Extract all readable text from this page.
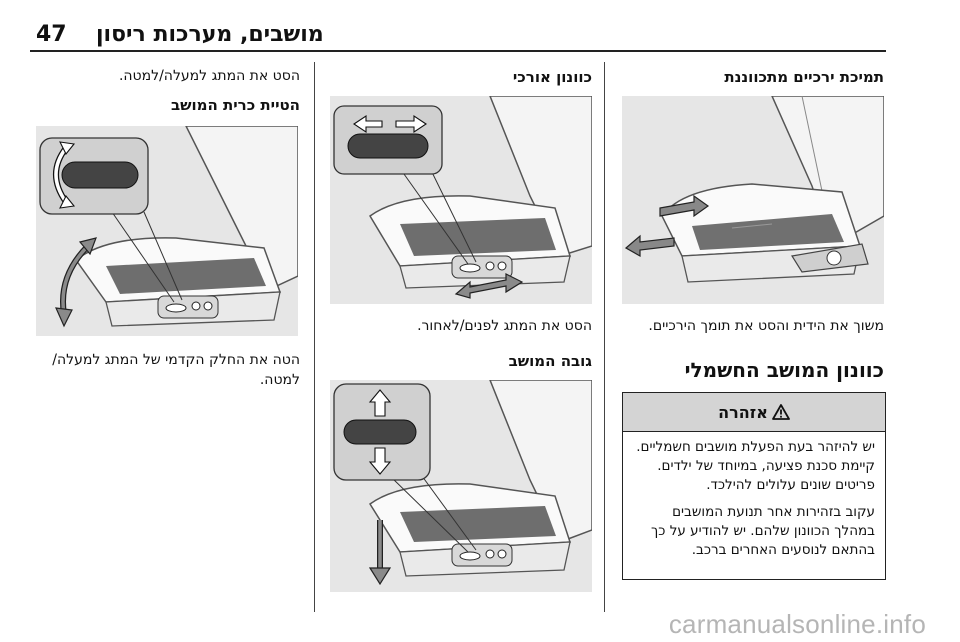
47 מושבים, מערכות ריסון
תמיכת ירכיים מתכווננת
משוך את הידית והסט את תומך הירכיים.
כוונון המושב החשמלי
אזהרה

יש להיזהר בעת הפעלת מושבים חשמליים. קיימת סכנת פציעה, במיוחד של ילדים. פריטים שונים עלולים להילכד.

עקוב בזהירות אחר תנועת המושבים במהלך הכוונון שלהם. יש להודיע על כך בהתאם לנוסעים האחרים ברכב.

כוונון אורכי
הסט את המתג לפנים/לאחור.
גובה המושב
הסט את המתג למעלה/למטה.
הטיית כרית המושב
הטה את החלק הקדמי של המתג למעלה/ למטה.
carmanualsonline.info
